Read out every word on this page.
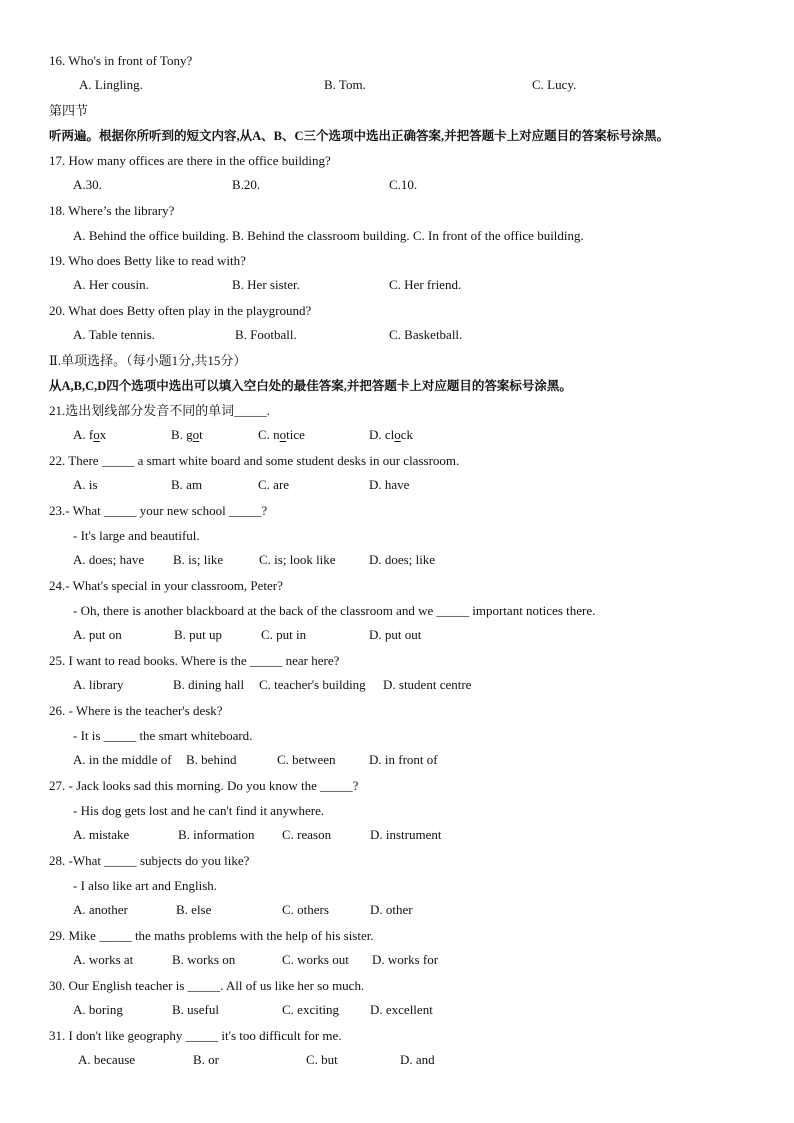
16. Who's in front of Tony?
A. Lingling.	B. Tom.	C. Lucy.
第四节
听两遍。根据你所听到的短文内容,从A、B、C三个选项中选出正确答案,并把答题卡上对应题目的答案标号涂黑。
17. How many offices are there in the office building?
A.30.	B.20.	C.10.
18. Where’s the library?
A. Behind the office building. B. Behind the classroom building. C. In front of the office building.
19. Who does Betty like to read with?
A. Her cousin.	B. Her sister.	C. Her friend.
20. What does Betty often play in the playground?
A. Table tennis.	B. Football.	C. Basketball.
Ⅱ.单项选择。（每小题1分,共15分）
从A,B,C,D四个选项中选出可以填入空白处的最佳答案,并把答题卡上对应题目的答案标号涂黑。
21.选出划线部分发音不同的单词_____.
A. fox	B. got	C. notice	D. clock
22. There _____ a smart white board and some student desks in our classroom.
A. is	B. am	C. are	D. have
23.- What _____ your new school _____?
- It's large and beautiful.
A. does; have B. is; like	C. is; look like	D. does; like
24.- What's special in your classroom, Peter?
- Oh, there is another blackboard at the back of the classroom and we _____ important notices there.
A. put on	B. put up	C. put in	D. put out
25. I want to read books. Where is the _____ near here?
A. library	B. dining hall C. teacher's building D. student centre
26. - Where is the teacher's desk?
- It is _____ the smart whiteboard.
A. in the middle of B. behind	C. between	D. in front of
27. - Jack looks sad this morning. Do you know the _____?
- His dog gets lost and he can't find it anywhere.
A. mistake	B. information C. reason	D. instrument
28. -What _____ subjects do you like?
- I also like art and English.
A. another	B. else	C. others	D. other
29. Mike _____ the maths problems with the help of his sister.
A. works at	B. works on	C. works out D. works for
30. Our English teacher is _____. All of us like her so much.
A. boring	B. useful	C. exciting D. excellent
31. I don't like geography _____ it's too difficult for me.
A. because	B. or	C. but	D. and
